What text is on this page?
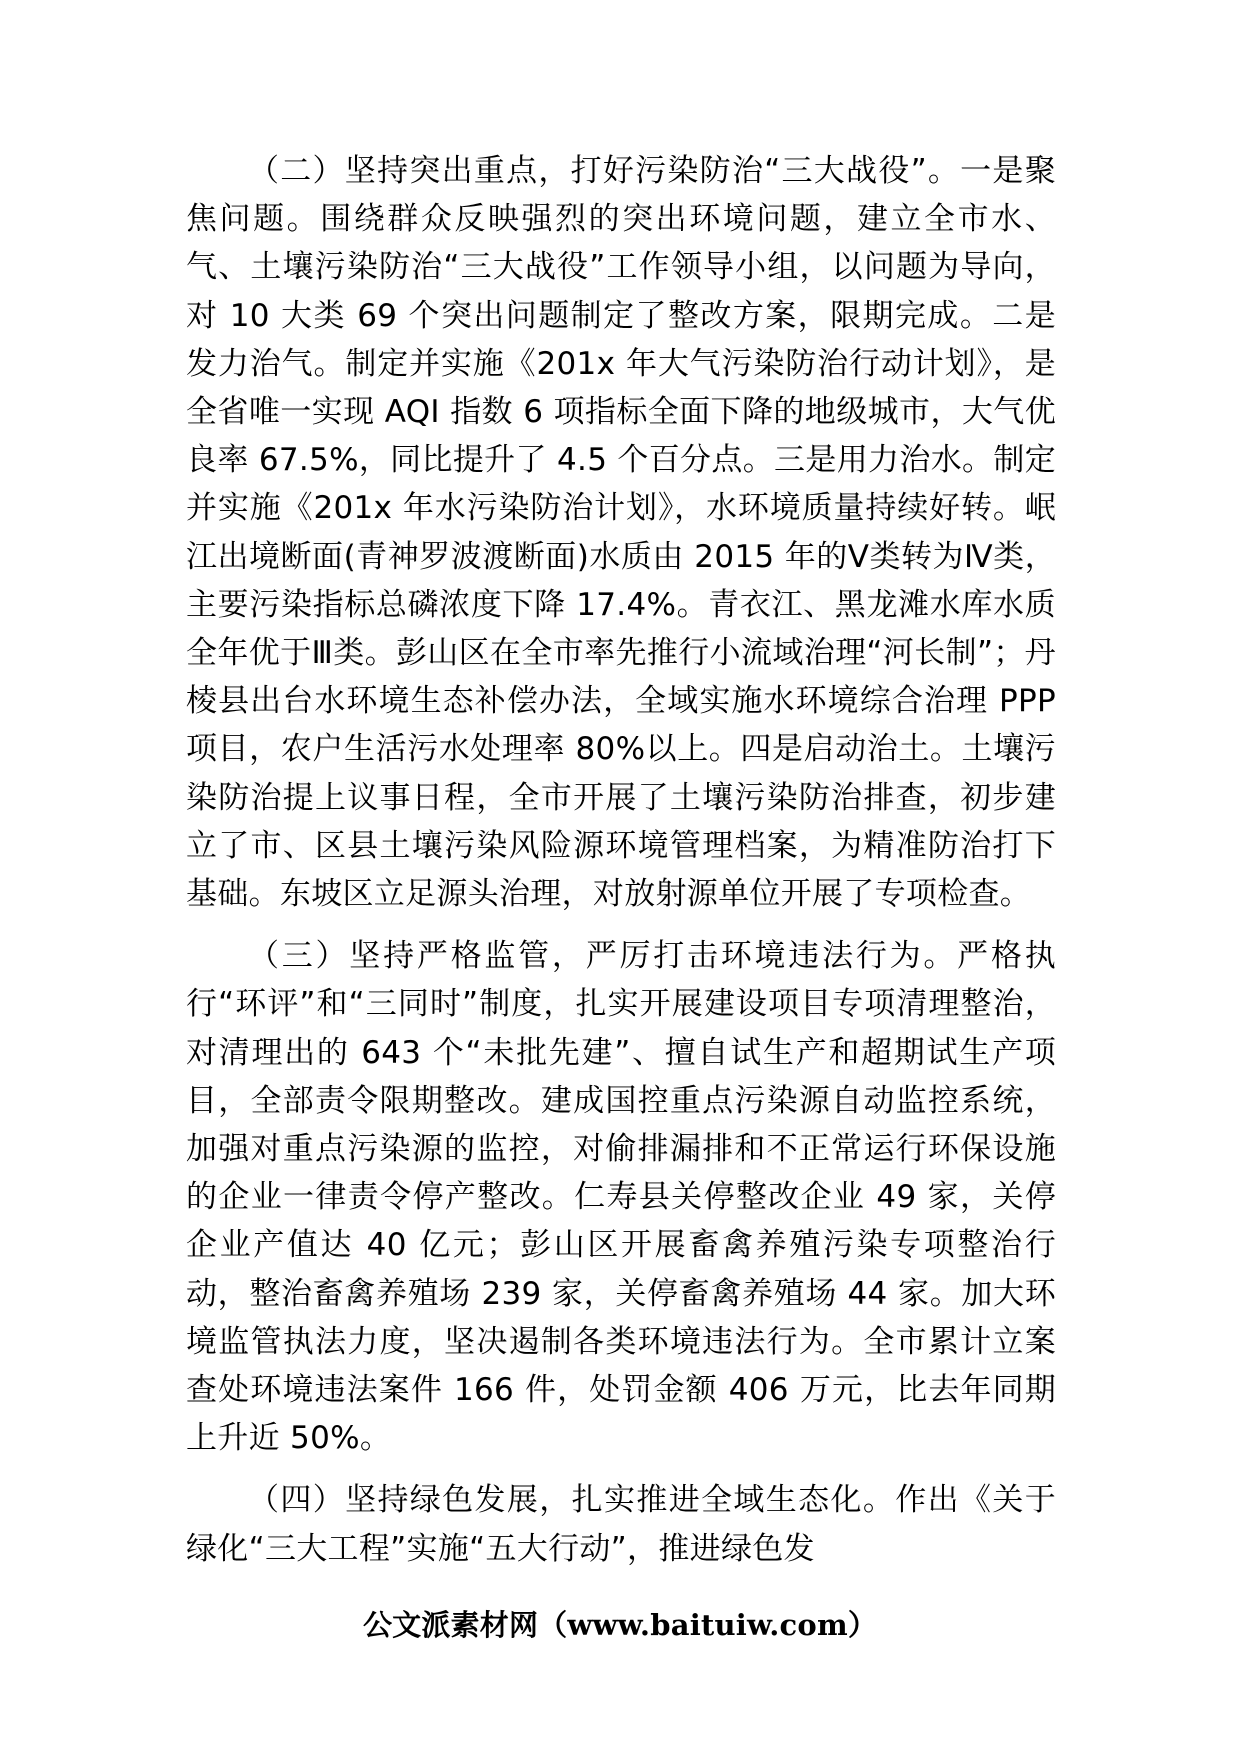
（二）坚持突出重点，打好污染防治“三大战役”。一是聚焦问题。围绕群众反映强烈的突出环境问题，建立全市水、气、土壤污染防治“三大战役”工作领导小组，以问题为导向，对 10 大类 69 个突出问题制定了整改方案，限期完成。二是发力治气。制定并实施《201x 年大气污染防治行动计划》，是全省唯一实现 AQI 指数 6 项指标全面下降的地级城市，大气优良率 67.5%，同比提升了 4.5 个百分点。三是用力治水。制定并实施《201x 年水污染防治计划》，水环境质量持续好转。岷江出境断面(青神罗波渡断面)水质由 2015 年的Ⅴ类转为Ⅳ类，主要污染指标总磷浓度下降 17.4%。青衣江、黑龙滩水库水质全年优于Ⅲ类。彭山区在全市率先推行小流域治理“河长制”；丹棱县出台水环境生态补偿办法，全域实施水环境综合治理 PPP 项目，农户生活污水处理率 80%以上。四是启动治土。土壤污染防治提上议事日程，全市开展了土壤污染防治排查，初步建立了市、区县土壤污染风险源环境管理档案，为精准防治打下基础。东坡区立足源头治理，对放射源单位开展了专项检查。

（三）坚持严格监管，严厉打击环境违法行为。严格执行“环评”和“三同时”制度，扎实开展建设项目专项清理整治，对清理出的 643 个“未批先建”、擅自试生产和超期试生产项目，全部责令限期整改。建成国控重点污染源自动监控系统，加强对重点污染源的监控，对偷排漏排和不正常运行环保设施的企业一律责令停产整改。仁寿县关停整改企业 49 家，关停企业产值达 40 亿元；彭山区开展畜禽养殖污染专项整治行动，整治畜禽养殖场 239 家，关停畜禽养殖场 44 家。加大环境监管执法力度，坚决遏制各类环境违法行为。全市累计立案查处环境违法案件 166 件，处罚金额 406 万元，比去年同期上升近 50%。

（四）坚持绿色发展，扎实推进全域生态化。作出《关于绿化“三大工程”实施“五大行动”，推进绿色发

公文派素材网（www.baituiw.com）
